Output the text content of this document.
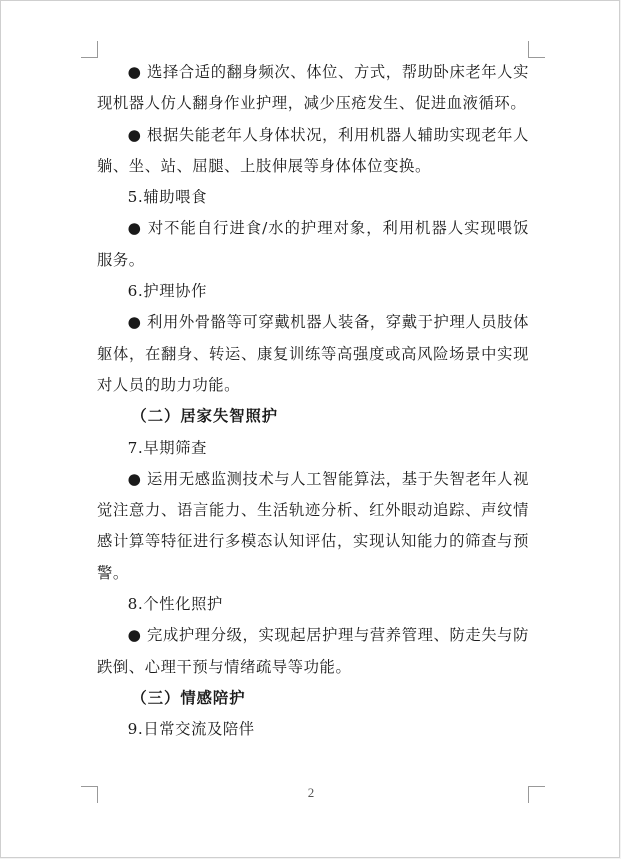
● 选择合适的翻身频次、体位、方式，帮助卧床老年人实现机器人仿人翻身作业护理，减少压疮发生、促进血液循环。

● 根据失能老年人身体状况，利用机器人辅助实现老年人躺、坐、站、屈腿、上肢伸展等身体体位变换。

5.辅助喂食

● 对不能自行进食/水的护理对象，利用机器人实现喂饭服务。

6.护理协作

● 利用外骨骼等可穿戴机器人装备，穿戴于护理人员肢体躯体，在翻身、转运、康复训练等高强度或高风险场景中实现对人员的助力功能。

（二）居家失智照护

7.早期筛查

● 运用无感监测技术与人工智能算法，基于失智老年人视觉注意力、语言能力、生活轨迹分析、红外眼动追踪、声纹情感计算等特征进行多模态认知评估，实现认知能力的筛查与预警。

8.个性化照护

● 完成护理分级，实现起居护理与营养管理、防走失与防跌倒、心理干预与情绪疏导等功能。

（三）情感陪护

9.日常交流及陪伴

2
